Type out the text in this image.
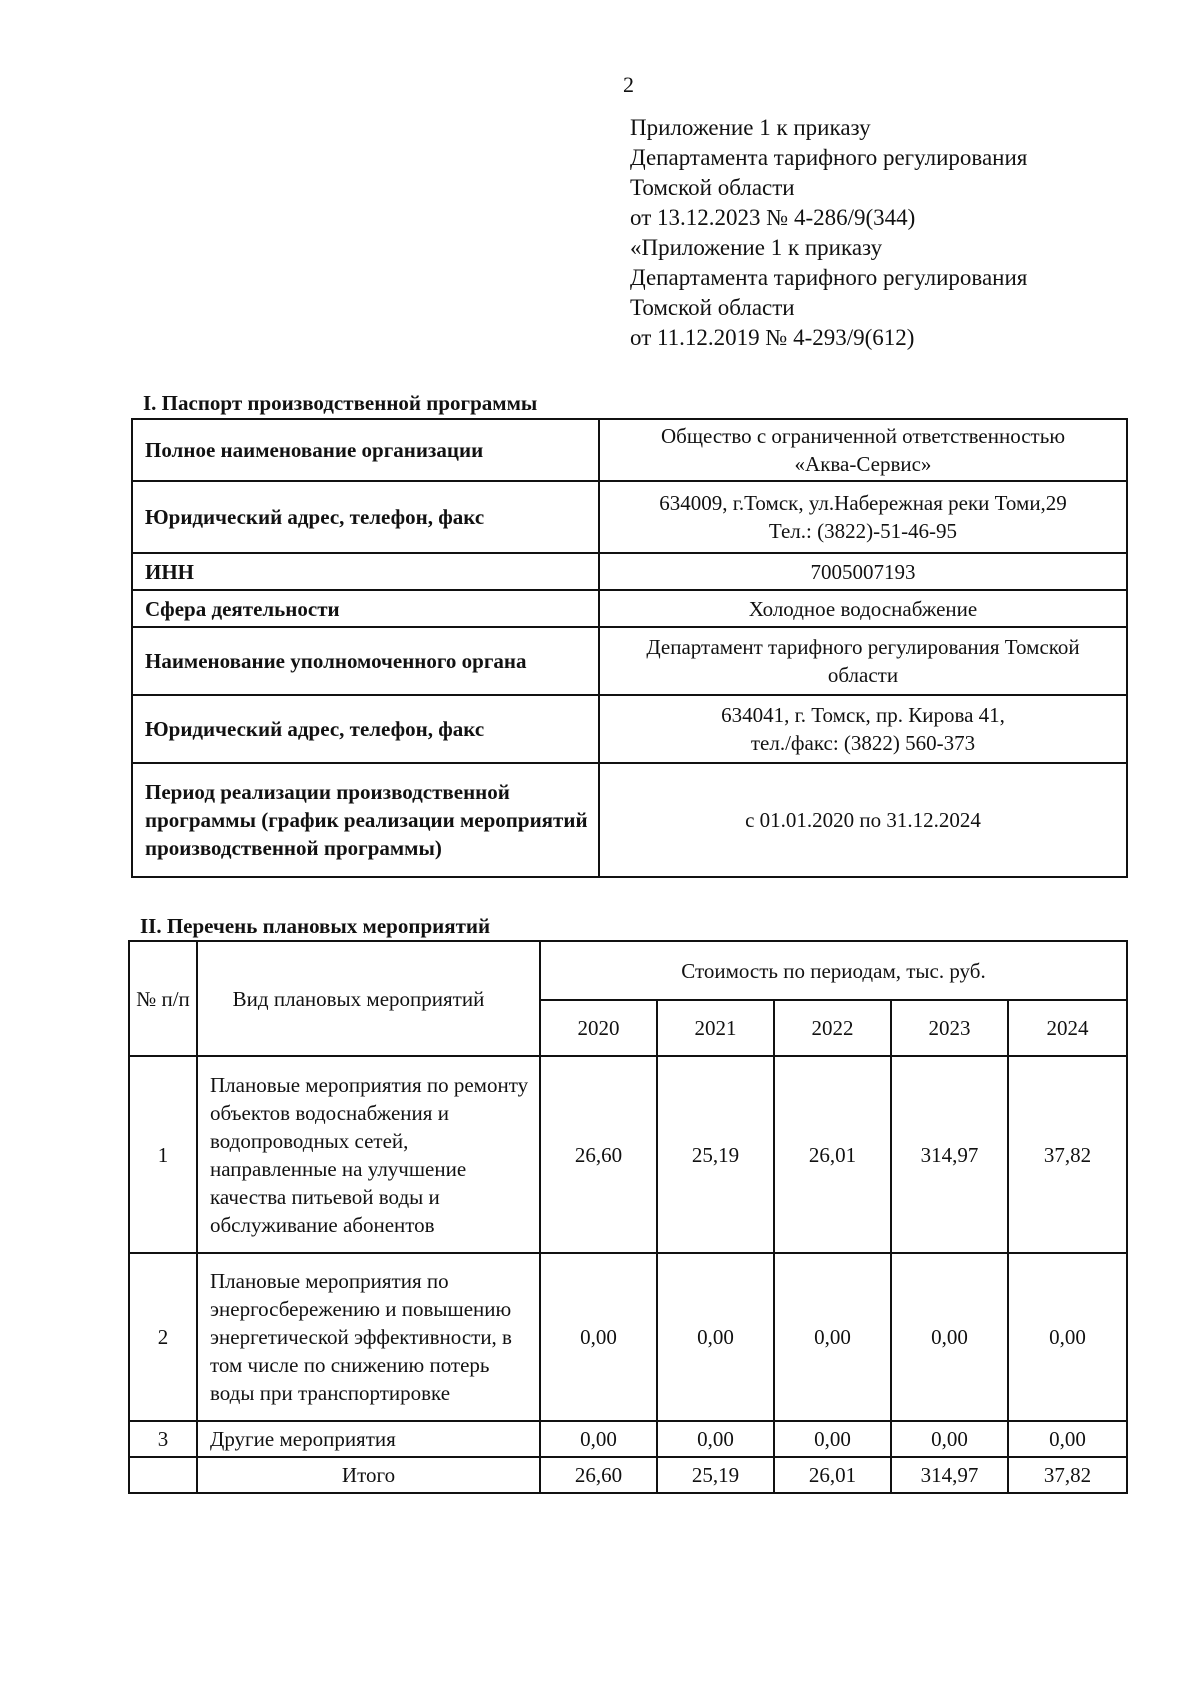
2
Приложение 1 к приказу
Департамента тарифного регулирования
Томской области
от 13.12.2023 № 4-286/9(344)
«Приложение 1 к приказу
Департамента тарифного регулирования
Томской области
от 11.12.2019 № 4-293/9(612)
I. Паспорт производственной программы
Полное наименование организации	Общество с ограниченной ответственностью
«Аква-Сервис»

Юридический адрес, телефон, факс	634009, г.Томск, ул.Набережная реки Томи,29
Тел.: (3822)-51-46-95

ИНН	7005007193

Сфера деятельности	Холодное водоснабжение

Наименование уполномоченного органа	Департамент тарифного регулирования Томской
области

Юридический адрес, телефон, факс	634041, г. Томск, пр. Кирова 41,
тел./факс: (3822) 560-373

Период реализации производственной программы (график реализации мероприятий производственной программы)	с 01.01.2020 по 31.12.2024
II. Перечень плановых мероприятий
№ п/п	Вид плановых мероприятий	Стоимость по периодам, тыс. руб.				
		2020	2021	2022	2023	2024
1	Плановые мероприятия по ремонту объектов водоснабжения и водопроводных сетей, направленные на улучшение качества питьевой воды и обслуживание абонентов	26,60	25,19	26,01	314,97	37,82
2	Плановые мероприятия по энергосбережению и повышению энергетической эффективности, в том числе по снижению потерь воды при транспортировке	0,00	0,00	0,00	0,00	0,00
3	Другие мероприятия	0,00	0,00	0,00	0,00	0,00
	Итого	26,60	25,19	26,01	314,97	37,82
